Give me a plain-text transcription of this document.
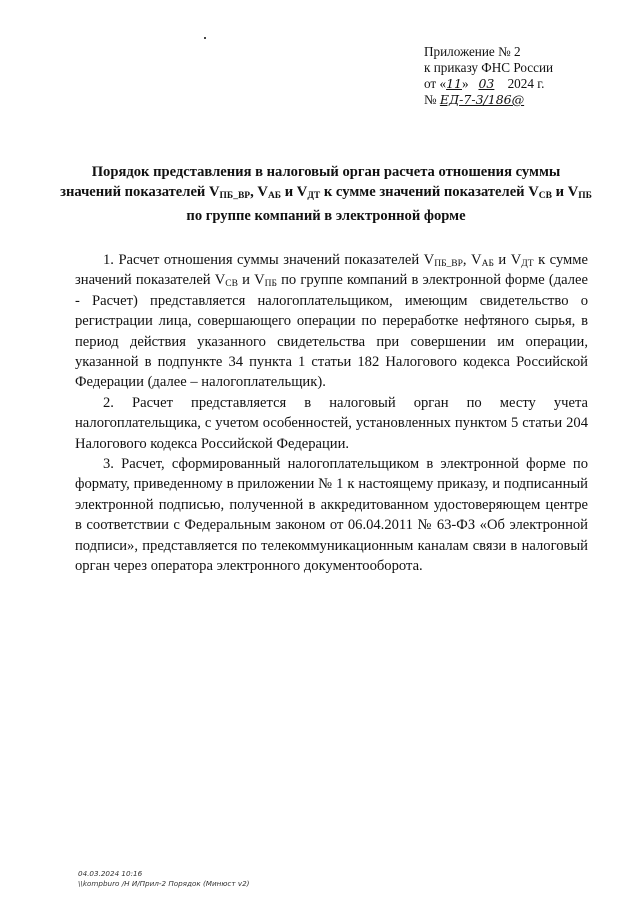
Приложение № 2
к приказу ФНС России
от «11» 03 2024 г.
№ ЕД-7-3/186@
Порядок представления в налоговый орган расчета отношения суммы значений показателей $V_{ПБ\_ВР}$, $V_{АБ}$ и $V_{ДТ}$ к сумме значений показателей $V_{СВ}$ и $V_{ПБ}$ по группе компаний в электронной форме

1. Расчет отношения суммы значений показателей $V_{ПБ\_ВР}$, $V_{АБ}$ и $V_{ДТ}$ к сумме значений показателей $V_{СВ}$ и $V_{ПБ}$ по группе компаний в электронной форме (далее - Расчет) представляется налогоплательщиком, имеющим свидетельство о регистрации лица, совершающего операции по переработке нефтяного сырья, в период действия указанного свидетельства при совершении им операции, указанной в подпункте 34 пункта 1 статьи 182 Налогового кодекса Российской Федерации (далее – налогоплательщик).

2. Расчет представляется в налоговый орган по месту учета налогоплательщика, с учетом особенностей, установленных пунктом 5 статьи 204 Налогового кодекса Российской Федерации.

3. Расчет, сформированный налогоплательщиком в электронной форме по формату, приведенному в приложении № 1 к настоящему приказу, и подписанный электронной подписью, полученной в аккредитованном удостоверяющем центре в соответствии с Федеральным законом от 06.04.2011 № 63-ФЗ «Об электронной подписи», представляется по телекоммуникационным каналам связи в налоговый орган через оператора электронного документооборота.

04.03.2024 10:16
\\kompburo /Н И/Прил-2 Порядок (Минюст v2)
